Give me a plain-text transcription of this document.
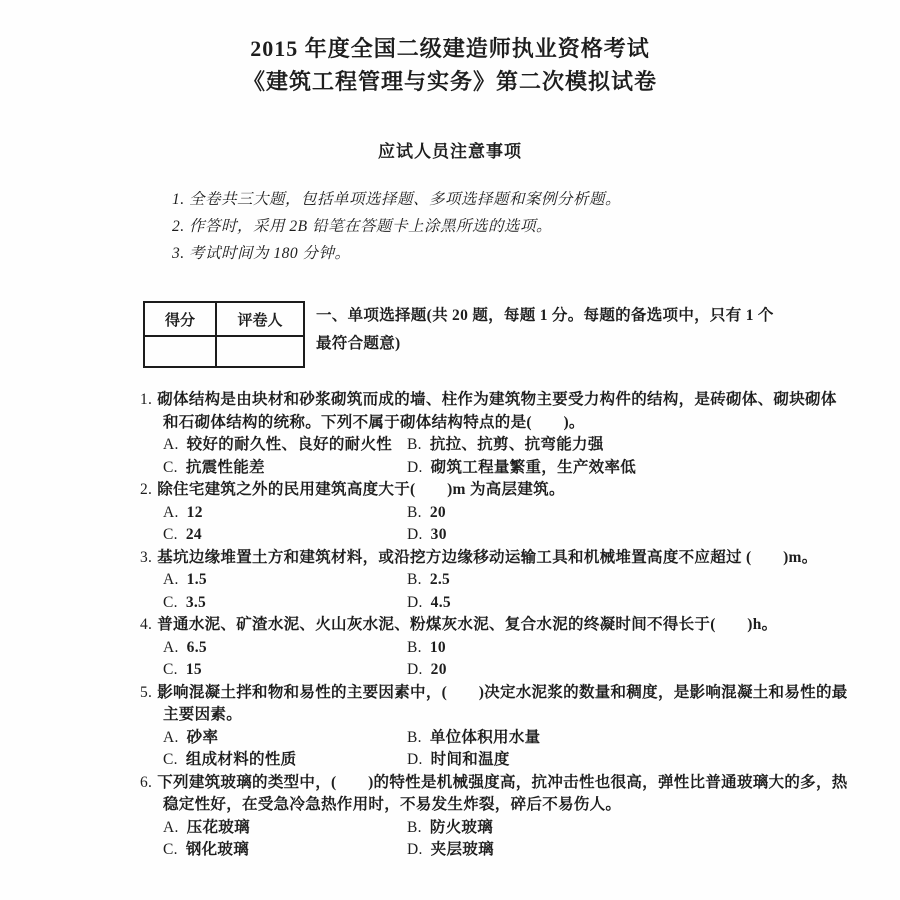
2015 年度全国二级建造师执业资格考试
《建筑工程管理与实务》第二次模拟试卷
应试人员注意事项
1. 全卷共三大题，包括单项选择题、多项选择题和案例分析题。
2. 作答时，采用 2B 铅笔在答题卡上涂黑所选的选项。
3. 考试时间为 180 分钟。
得分	评卷人
	一、单项选择题(共 20 题，每题 1 分。每题的备选项中，只有 1 个最符合题意)

1. 砌体结构是由块材和砂浆砌筑而成的墙、柱作为建筑物主要受力构件的结构，是砖砌体、砌块砌体和石砌体结构的统称。下列不属于砌体结构特点的是(　　)。

A. 较好的耐久性、良好的耐火性 B. 抗拉、抗剪、抗弯能力强
C. 抗震性能差	D. 砌筑工程量繁重，生产效率低

2. 除住宅建筑之外的民用建筑高度大于(　　)m 为高层建筑。

A. 12	B. 20
C. 24	D. 30

3. 基坑边缘堆置土方和建筑材料，或沿挖方边缘移动运输工具和机械堆置高度不应超过 (　　)m。

A. 1.5	B. 2.5
C. 3.5	D. 4.5

4. 普通水泥、矿渣水泥、火山灰水泥、粉煤灰水泥、复合水泥的终凝时间不得长于(　　)h。

A. 6.5	B. 10
C. 15	D. 20

5. 影响混凝土拌和物和易性的主要因素中，(　　)决定水泥浆的数量和稠度，是影响混凝土和易性的最主要因素。

A. 砂率	B. 单位体积用水量
C. 组成材料的性质	D. 时间和温度

6. 下列建筑玻璃的类型中，(　　)的特性是机械强度高，抗冲击性也很高，弹性比普通玻璃大的多，热稳定性好，在受急冷急热作用时，不易发生炸裂，碎后不易伤人。

A. 压花玻璃	B. 防火玻璃
C. 钢化玻璃	D. 夹层玻璃
